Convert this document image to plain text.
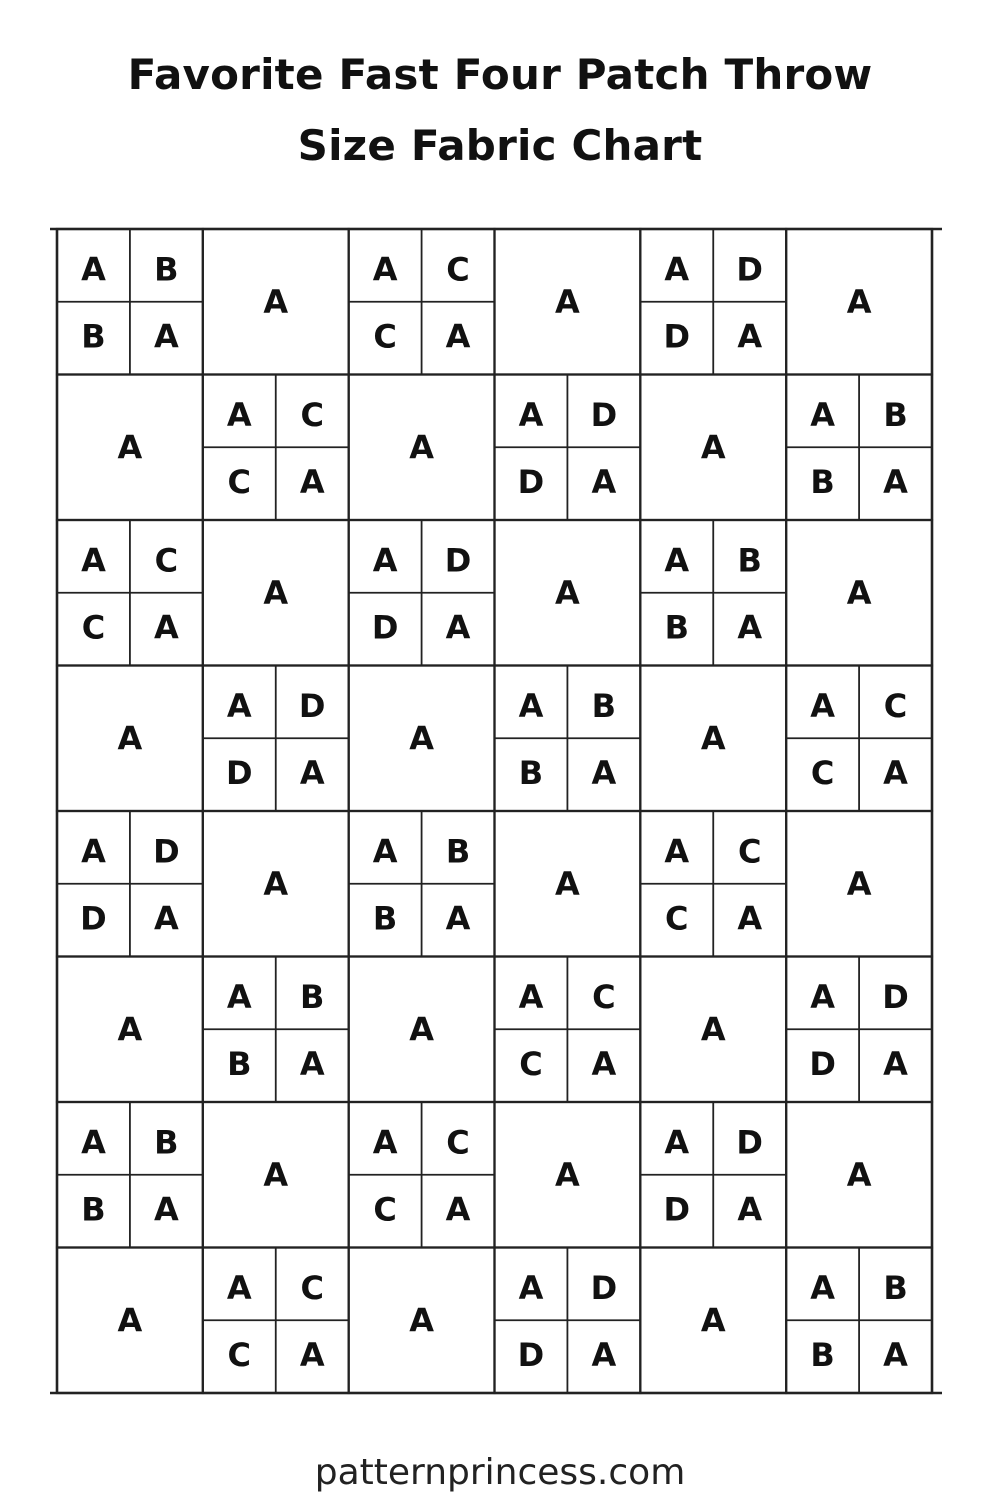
Favorite Fast Four Patch Throw
Size Fabric Chart
A B
B A
A
A C
C A
A
A D
D A
A
A
A C
C A
A
A D
D A
A
A B
B A
A C
C A
A
A D
D A
A
A B
B A
A
A
A D
D A
A
A B
B A
A
A C
C A
A D
D A
A
A B
B A
A
A C
C A
A
A
A B
B A
A
A C
C A
A
A D
D A
A B
B A
A
A C
C A
A
A D
D A
A
A
A C
C A
A
A D
D A
A
A B
B A
patternprincess.com
